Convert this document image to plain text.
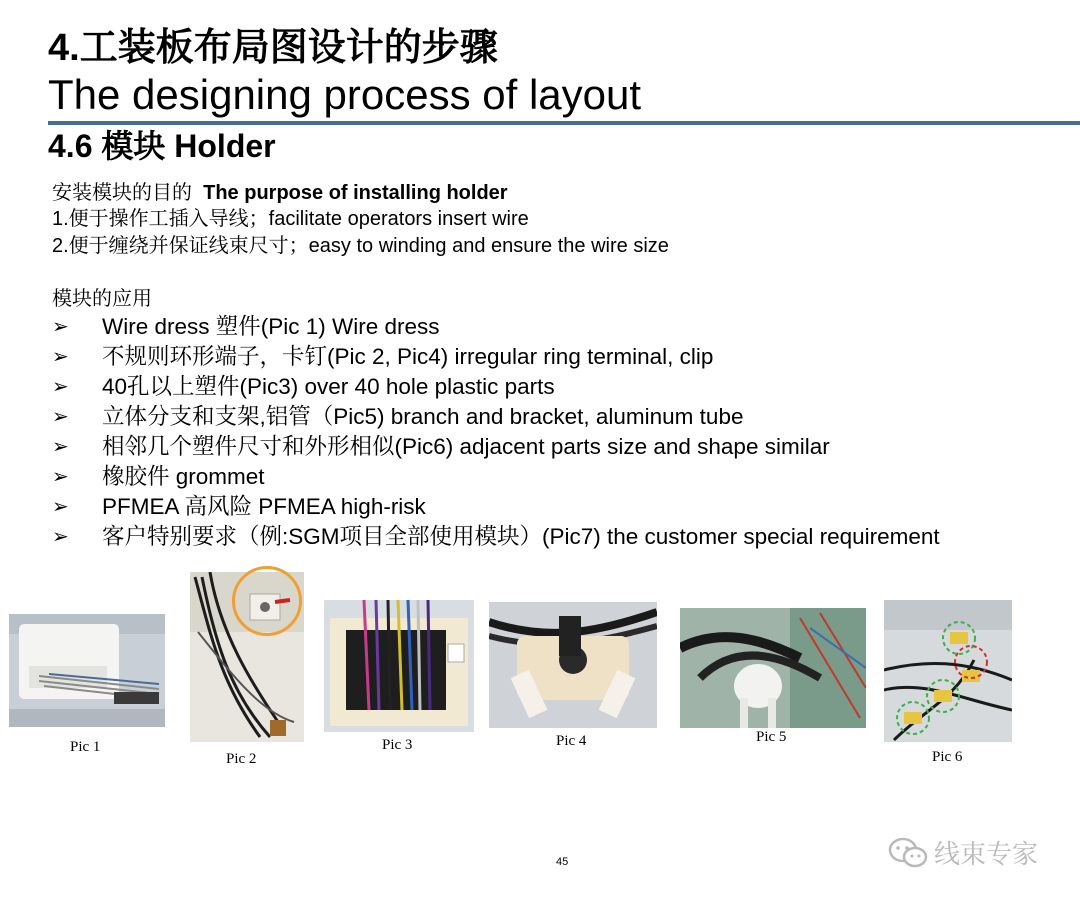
4.工装板布局图设计的步骤
The designing process of layout
4.6 模块 Holder
安装模块的目的 The purpose of installing holder
1.便于操作工插入导线；facilitate operators insert wire
2.便于缠绕并保证线束尺寸；easy to winding and ensure the wire size
模块的应用
➢	Wire dress 塑件(Pic 1) Wire dress
➢	不规则环形端子，卡钉(Pic 2, Pic4) irregular ring terminal, clip
➢	40孔以上塑件(Pic3) over 40 hole plastic parts
➢	立体分支和支架,铝管（Pic5) branch and bracket, aluminum tube
➢	相邻几个塑件尺寸和外形相似(Pic6) adjacent parts size and shape similar
➢	橡胶件 grommet
➢	PFMEA 高风险 PFMEA high-risk
➢	客户特别要求（例:SGM项目全部使用模块）(Pic7) the customer special requirement
Pic 1
Pic 2
Pic 3	Pic 4	Pic 5
Pic 6
45	线束专家
